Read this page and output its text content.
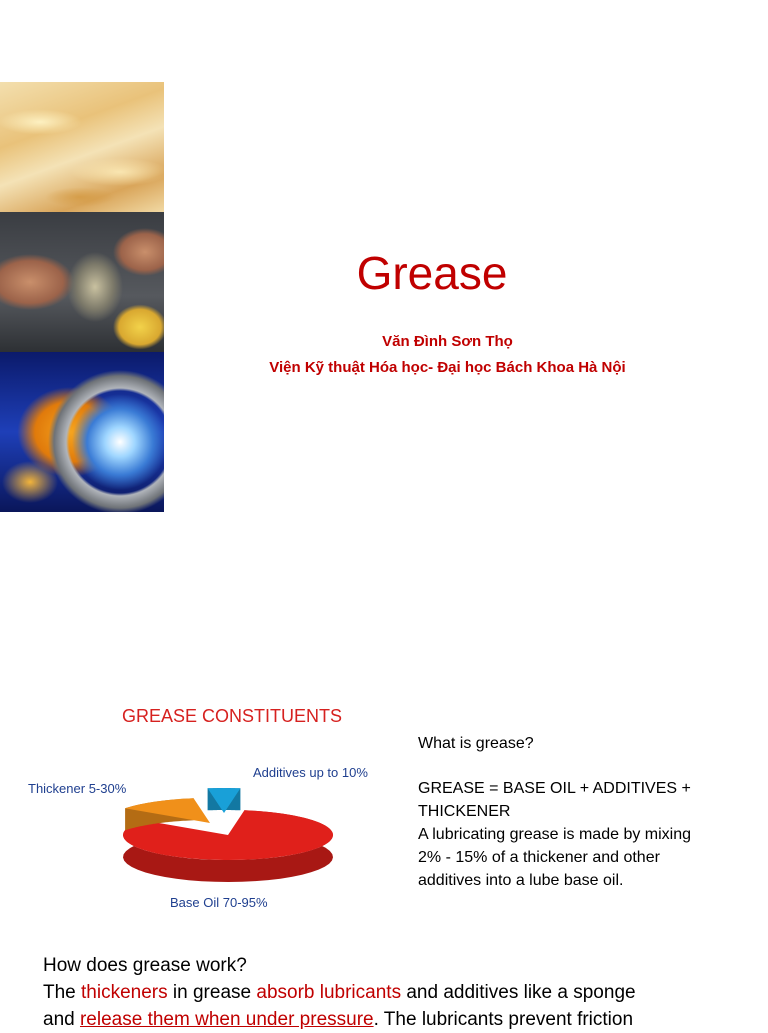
Grease
Văn Đình Sơn Thọ
Viện Kỹ thuật Hóa học- Đại học Bách Khoa Hà Nội
GREASE CONSTITUENTS
Thickener 5-30%
Additives up to 10%
Base Oil 70-95%
What is grease?
GREASE = BASE OIL + ADDITIVES +
THICKENER
A lubricating grease is made by mixing
2% - 15% of a thickener and other
additives into a lube base oil.
How does grease work?
The thickeners in grease absorb lubricants and additives like a sponge
and release them when under pressure. The lubricants prevent friction
